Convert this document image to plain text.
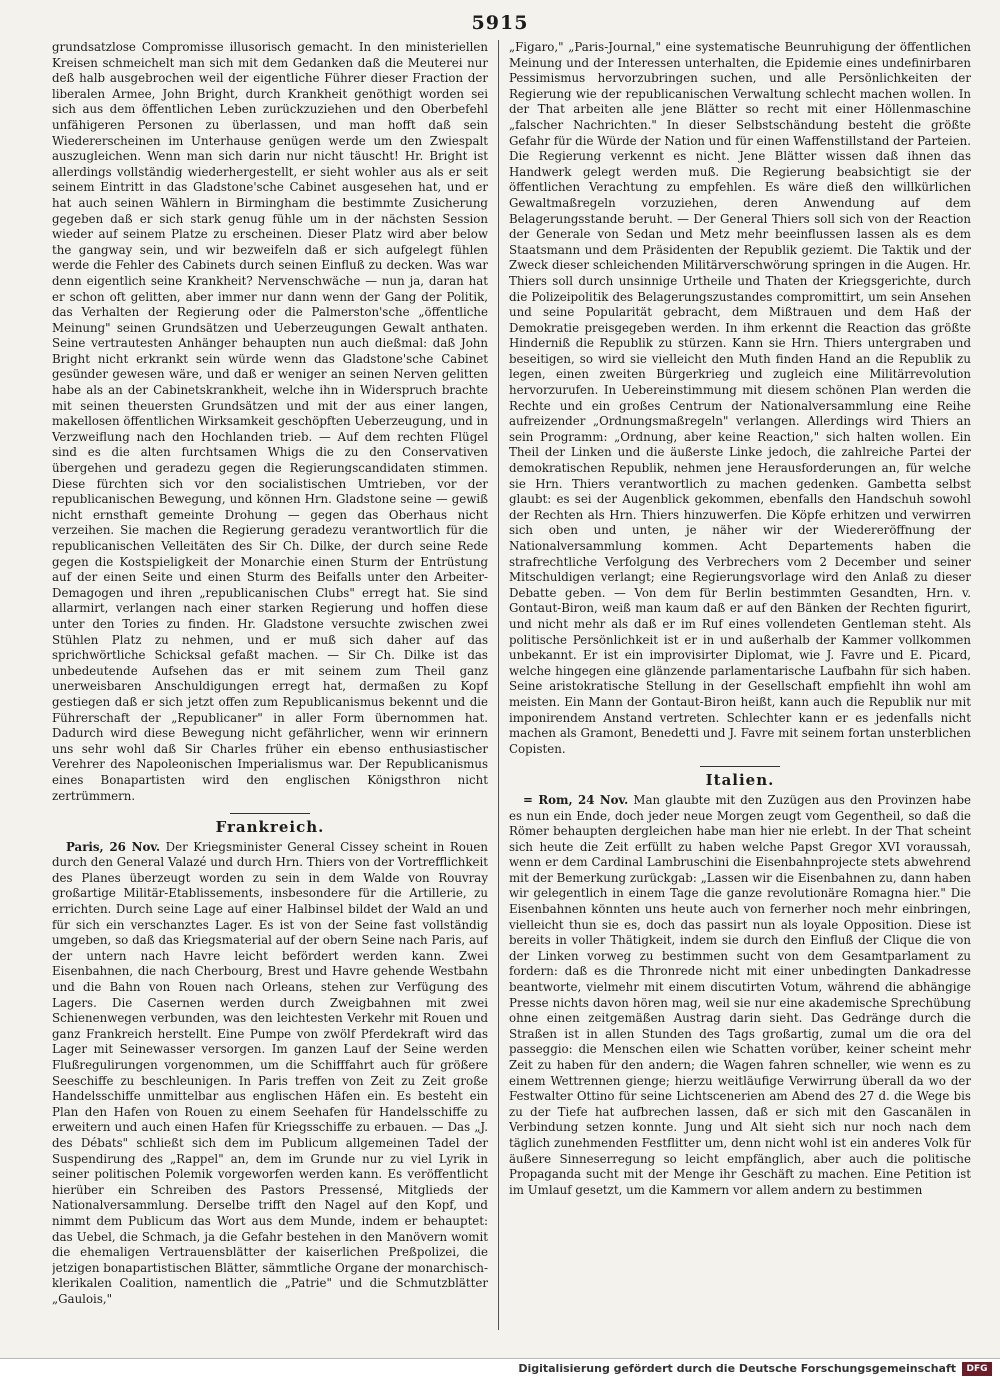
5915

grundsatzlose Compromisse illusorisch gemacht. In den ministeriellen Kreisen schmeichelt man sich mit dem Gedanken daß die Meuterei nur deß halb ausgebrochen weil der eigentliche Führer dieser Fraction der liberalen Armee, John Bright, durch Krankheit genöthigt worden sei sich aus dem öffentlichen Leben zurückzuziehen und den Oberbefehl unfähigeren Personen zu überlassen, und man hofft daß sein Wiedererscheinen im Unterhause genügen werde um den Zwiespalt auszugleichen. Wenn man sich darin nur nicht täuscht! Hr. Bright ist allerdings vollständig wiederhergestellt, er sieht wohler aus als er seit seinem Eintritt in das Gladstone'sche Cabinet ausgesehen hat, und er hat auch seinen Wählern in Birmingham die bestimmte Zusicherung gegeben daß er sich stark genug fühle um in der nächsten Session wieder auf seinem Platze zu erscheinen. Dieser Platz wird aber below the gangway sein, und wir bezweifeln daß er sich aufgelegt fühlen werde die Fehler des Cabinets durch seinen Einfluß zu decken. Was war denn eigentlich seine Krankheit? Nervenschwäche — nun ja, daran hat er schon oft gelitten, aber immer nur dann wenn der Gang der Politik, das Verhalten der Regierung oder die Palmerston'sche „öffentliche Meinung" seinen Grundsätzen und Ueberzeugungen Gewalt anthaten. Seine vertrautesten Anhänger behaupten nun auch dießmal: daß John Bright nicht erkrankt sein würde wenn das Gladstone'sche Cabinet gesünder gewesen wäre, und daß er weniger an seinen Nerven gelitten habe als an der Cabinetskrankheit, welche ihn in Widerspruch brachte mit seinen theuersten Grundsätzen und mit der aus einer langen, makellosen öffentlichen Wirksamkeit geschöpften Ueberzeugung, und in Verzweiflung nach den Hochlanden trieb. — Auf dem rechten Flügel sind es die alten furchtsamen Whigs die zu den Conservativen übergehen und geradezu gegen die Regierungscandidaten stimmen. Diese fürchten sich vor den socialistischen Umtrieben, vor der republicanischen Bewegung, und können Hrn. Gladstone seine — gewiß nicht ernsthaft gemeinte Drohung — gegen das Oberhaus nicht verzeihen. Sie machen die Regierung geradezu verantwortlich für die republicanischen Velleitäten des Sir Ch. Dilke, der durch seine Rede gegen die Kostspieligkeit der Monarchie einen Sturm der Entrüstung auf der einen Seite und einen Sturm des Beifalls unter den Arbeiter-Demagogen und ihren „republicanischen Clubs" erregt hat. Sie sind allarmirt, verlangen nach einer starken Regierung und hoffen diese unter den Tories zu finden. Hr. Gladstone versuchte zwischen zwei Stühlen Platz zu nehmen, und er muß sich daher auf das sprichwörtliche Schicksal gefaßt machen. — Sir Ch. Dilke ist das unbedeutende Aufsehen das er mit seinem zum Theil ganz unerweisbaren Anschuldigungen erregt hat, dermaßen zu Kopf gestiegen daß er sich jetzt offen zum Republicanismus bekennt und die Führerschaft der „Republicaner" in aller Form übernommen hat. Dadurch wird diese Bewegung nicht gefährlicher, wenn wir erinnern uns sehr wohl daß Sir Charles früher ein ebenso enthusiastischer Verehrer des Napoleonischen Imperialismus war. Der Republicanismus eines Bonapartisten wird den englischen Königsthron nicht zertrümmern.

Frankreich.

Paris, 26 Nov. Der Kriegsminister General Cissey scheint in Rouen durch den General Valazé und durch Hrn. Thiers von der Vortrefflichkeit des Planes überzeugt worden zu sein in dem Walde von Rouvray großartige Militär-Etablissements, insbesondere für die Artillerie, zu errichten. Durch seine Lage auf einer Halbinsel bildet der Wald an und für sich ein verschanztes Lager. Es ist von der Seine fast vollständig umgeben, so daß das Kriegsmaterial auf der obern Seine nach Paris, auf der untern nach Havre leicht befördert werden kann. Zwei Eisenbahnen, die nach Cherbourg, Brest und Havre gehende Westbahn und die Bahn von Rouen nach Orleans, stehen zur Verfügung des Lagers. Die Casernen werden durch Zweigbahnen mit zwei Schienenwegen verbunden, was den leichtesten Verkehr mit Rouen und ganz Frankreich herstellt. Eine Pumpe von zwölf Pferdekraft wird das Lager mit Seinewasser versorgen. Im ganzen Lauf der Seine werden Flußregulirungen vorgenommen, um die Schifffahrt auch für größere Seeschiffe zu beschleunigen. In Paris treffen von Zeit zu Zeit große Handelsschiffe unmittelbar aus englischen Häfen ein. Es besteht ein Plan den Hafen von Rouen zu einem Seehafen für Handelsschiffe zu erweitern und auch einen Hafen für Kriegsschiffe zu erbauen. — Das „J. des Débats" schließt sich dem im Publicum allgemeinen Tadel der Suspendirung des „Rappel" an, dem im Grunde nur zu viel Lyrik in seiner politischen Polemik vorgeworfen werden kann. Es veröffentlicht hierüber ein Schreiben des Pastors Pressensé, Mitglieds der Nationalversammlung. Derselbe trifft den Nagel auf den Kopf, und nimmt dem Publicum das Wort aus dem Munde, indem er behauptet: das Uebel, die Schmach, ja die Gefahr bestehen in den Manövern womit die ehemaligen Vertrauensblätter der kaiserlichen Preßpolizei, die jetzigen bonapartistischen Blätter, sämmtliche Organe der monarchisch-klerikalen Coalition, namentlich die „Patrie" und die Schmutzblätter „Gaulois,"

„Figaro," „Paris-Journal," eine systematische Beunruhigung der öffentlichen Meinung und der Interessen unterhalten, die Epidemie eines undefinirbaren Pessimismus hervorzubringen suchen, und alle Persönlichkeiten der Regierung wie der republicanischen Verwaltung schlecht machen wollen. In der That arbeiten alle jene Blätter so recht mit einer Höllenmaschine „falscher Nachrichten." In dieser Selbstschändung besteht die größte Gefahr für die Würde der Nation und für einen Waffenstillstand der Parteien. Die Regierung verkennt es nicht. Jene Blätter wissen daß ihnen das Handwerk gelegt werden muß. Die Regierung beabsichtigt sie der öffentlichen Verachtung zu empfehlen. Es wäre dieß den willkürlichen Gewaltmaßregeln vorzuziehen, deren Anwendung auf dem Belagerungsstande beruht. — Der General Thiers soll sich von der Reaction der Generale von Sedan und Metz mehr beeinflussen lassen als es dem Staatsmann und dem Präsidenten der Republik geziemt. Die Taktik und der Zweck dieser schleichenden Militärverschwörung springen in die Augen. Hr. Thiers soll durch unsinnige Urtheile und Thaten der Kriegsgerichte, durch die Polizeipolitik des Belagerungszustandes compromittirt, um sein Ansehen und seine Popularität gebracht, dem Mißtrauen und dem Haß der Demokratie preisgegeben werden. In ihm erkennt die Reaction das größte Hinderniß die Republik zu stürzen. Kann sie Hrn. Thiers untergraben und beseitigen, so wird sie vielleicht den Muth finden Hand an die Republik zu legen, einen zweiten Bürgerkrieg und zugleich eine Militärrevolution hervorzurufen. In Uebereinstimmung mit diesem schönen Plan werden die Rechte und ein großes Centrum der Nationalversammlung eine Reihe aufreizender „Ordnungsmaßregeln" verlangen. Allerdings wird Thiers an sein Programm: „Ordnung, aber keine Reaction," sich halten wollen. Ein Theil der Linken und die äußerste Linke jedoch, die zahlreiche Partei der demokratischen Republik, nehmen jene Herausforderungen an, für welche sie Hrn. Thiers verantwortlich zu machen gedenken. Gambetta selbst glaubt: es sei der Augenblick gekommen, ebenfalls den Handschuh sowohl der Rechten als Hrn. Thiers hinzuwerfen. Die Köpfe erhitzen und verwirren sich oben und unten, je näher wir der Wiedereröffnung der Nationalversammlung kommen. Acht Departements haben die strafrechtliche Verfolgung des Verbrechers vom 2 December und seiner Mitschuldigen verlangt; eine Regierungsvorlage wird den Anlaß zu dieser Debatte geben. — Von dem für Berlin bestimmten Gesandten, Hrn. v. Gontaut-Biron, weiß man kaum daß er auf den Bänken der Rechten figurirt, und nicht mehr als daß er im Ruf eines vollendeten Gentleman steht. Als politische Persönlichkeit ist er in und außerhalb der Kammer vollkommen unbekannt. Er ist ein improvisirter Diplomat, wie J. Favre und E. Picard, welche hingegen eine glänzende parlamentarische Laufbahn für sich haben. Seine aristokratische Stellung in der Gesellschaft empfiehlt ihn wohl am meisten. Ein Mann der Gontaut-Biron heißt, kann auch die Republik nur mit imponirendem Anstand vertreten. Schlechter kann er es jedenfalls nicht machen als Gramont, Benedetti und J. Favre mit seinem fortan unsterblichen Copisten.

Italien.

= Rom, 24 Nov. Man glaubte mit den Zuzügen aus den Provinzen habe es nun ein Ende, doch jeder neue Morgen zeugt vom Gegentheil, so daß die Römer behaupten dergleichen habe man hier nie erlebt. In der That scheint sich heute die Zeit erfüllt zu haben welche Papst Gregor XVI voraussah, wenn er dem Cardinal Lambruschini die Eisenbahnprojecte stets abwehrend mit der Bemerkung zurückgab: „Lassen wir die Eisenbahnen zu, dann haben wir gelegentlich in einem Tage die ganze revolutionäre Romagna hier." Die Eisenbahnen könnten uns heute auch von fernerher noch mehr einbringen, vielleicht thun sie es, doch das passirt nun als loyale Opposition. Diese ist bereits in voller Thätigkeit, indem sie durch den Einfluß der Clique die von der Linken vorweg zu bestimmen sucht von dem Gesamtparlament zu fordern: daß es die Thronrede nicht mit einer unbedingten Dankadresse beantworte, vielmehr mit einem discutirten Votum, während die abhängige Presse nichts davon hören mag, weil sie nur eine akademische Sprechübung ohne einen zeitgemäßen Austrag darin sieht. Das Gedränge durch die Straßen ist in allen Stunden des Tags großartig, zumal um die ora del passeggio: die Menschen eilen wie Schatten vorüber, keiner scheint mehr Zeit zu haben für den andern; die Wagen fahren schneller, wie wenn es zu einem Wettrennen gienge; hierzu weitläufige Verwirrung überall da wo der Festwalter Ottino für seine Lichtscenerien am Abend des 27 d. die Wege bis zu der Tiefe hat aufbrechen lassen, daß er sich mit den Gascanälen in Verbindung setzen konnte. Jung und Alt sieht sich nur noch nach dem täglich zunehmenden Festflitter um, denn nicht wohl ist ein anderes Volk für äußere Sinneserregung so leicht empfänglich, aber auch die politische Propaganda sucht mit der Menge ihr Geschäft zu machen. Eine Petition ist im Umlauf gesetzt, um die Kammern vor allem andern zu bestimmen

Digitalisierung gefördert durch die Deutsche Forschungsgemeinschaft	DFG
